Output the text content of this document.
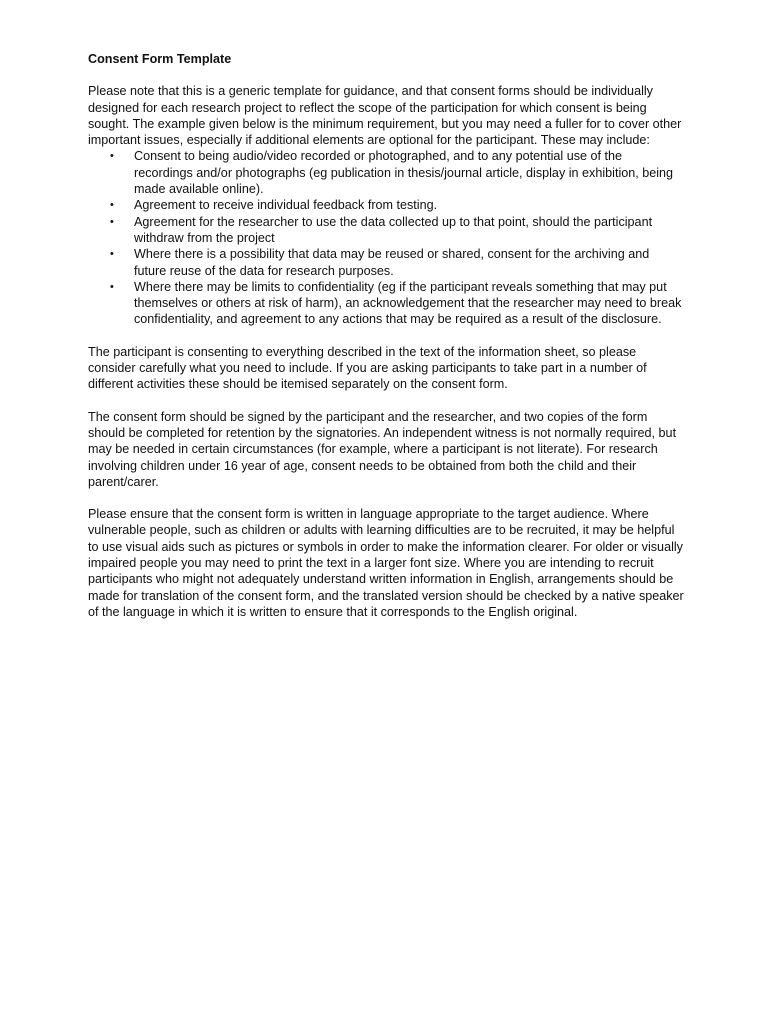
Consent Form Template

Please note that this is a generic template for guidance, and that consent forms should be individually designed for each research project to reflect the scope of the participation for which consent is being sought. The example given below is the minimum requirement, but you may need a fuller for to cover other important issues, especially if additional elements are optional for the participant. These may include:

• Consent to being audio/video recorded or photographed, and to any potential use of the recordings and/or photographs (eg publication in thesis/journal article, display in exhibition, being made available online).
• Agreement to receive individual feedback from testing.
• Agreement for the researcher to use the data collected up to that point, should the participant withdraw from the project
• Where there is a possibility that data may be reused or shared, consent for the archiving and future reuse of the data for research purposes.
• Where there may be limits to confidentiality (eg if the participant reveals something that may put themselves or others at risk of harm), an acknowledgement that the researcher may need to break confidentiality, and agreement to any actions that may be required as a result of the disclosure.

The participant is consenting to everything described in the text of the information sheet, so please consider carefully what you need to include. If you are asking participants to take part in a number of different activities these should be itemised separately on the consent form.

The consent form should be signed by the participant and the researcher, and two copies of the form should be completed for retention by the signatories. An independent witness is not normally required, but may be needed in certain circumstances (for example, where a participant is not literate). For research involving children under 16 year of age, consent needs to be obtained from both the child and their parent/carer.

Please ensure that the consent form is written in language appropriate to the target audience. Where vulnerable people, such as children or adults with learning difficulties are to be recruited, it may be helpful to use visual aids such as pictures or symbols in order to make the information clearer. For older or visually impaired people you may need to print the text in a larger font size. Where you are intending to recruit participants who might not adequately understand written information in English, arrangements should be made for translation of the consent form, and the translated version should be checked by a native speaker of the language in which it is written to ensure that it corresponds to the English original.
